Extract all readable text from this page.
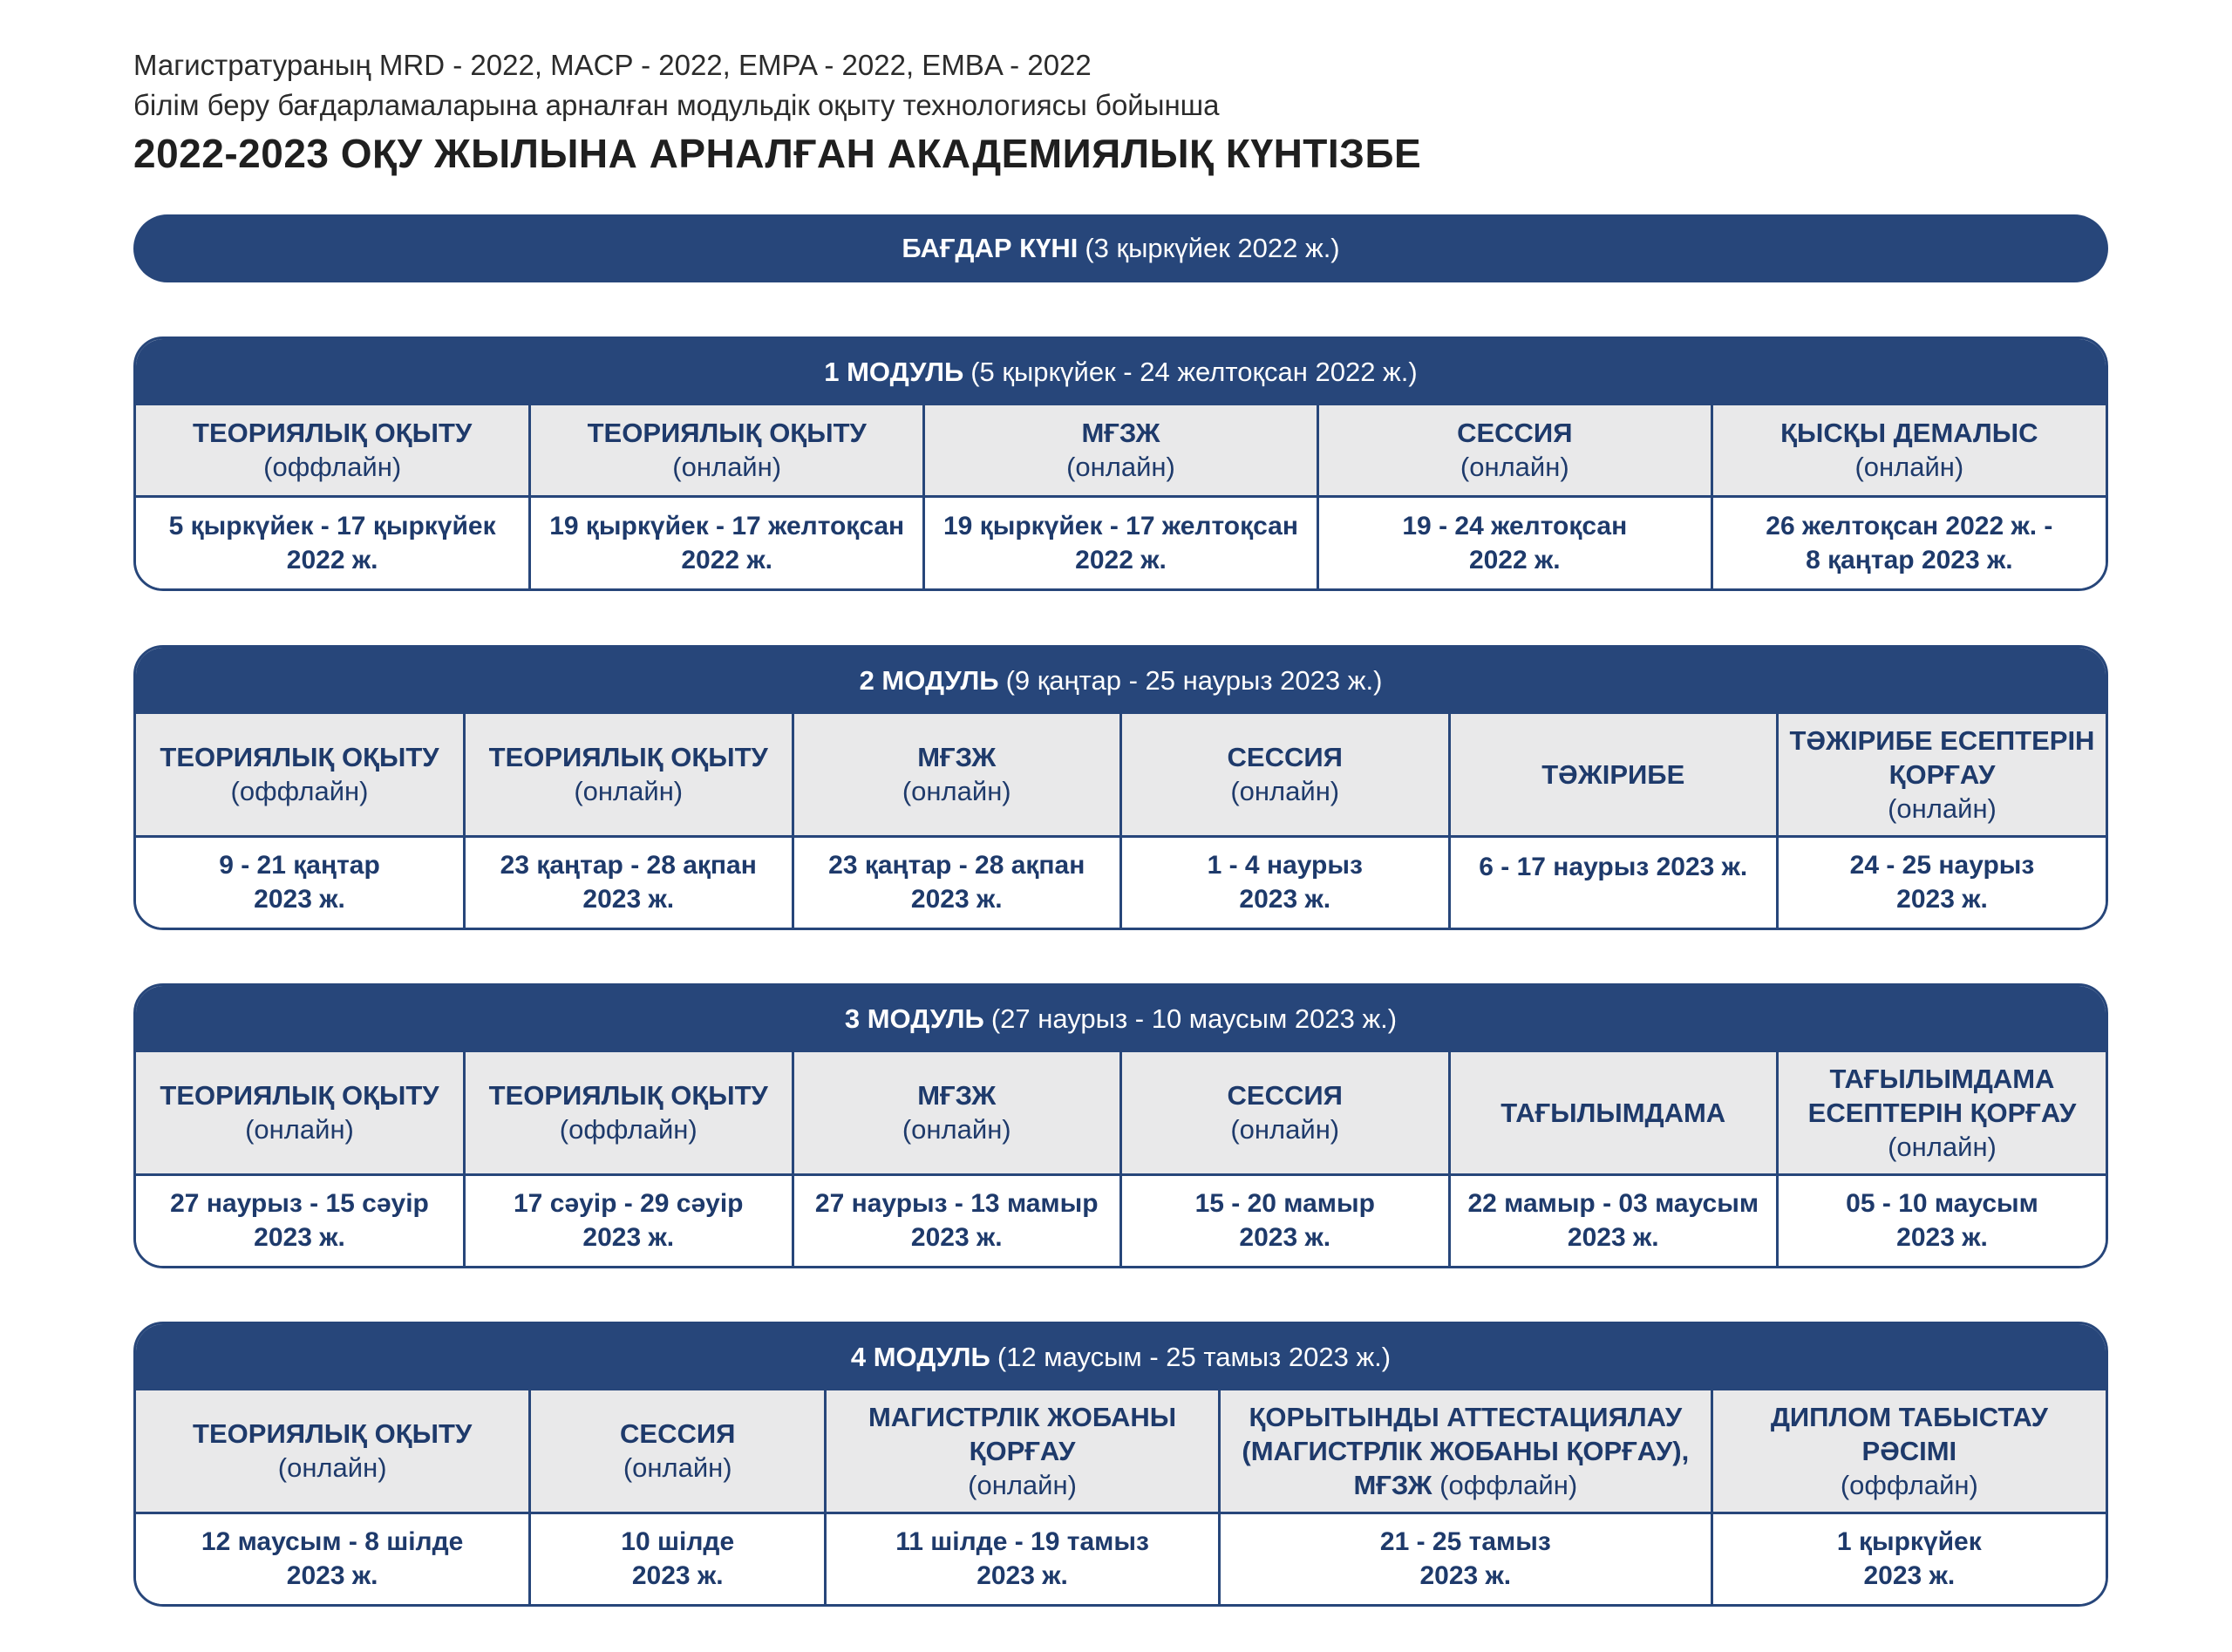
Магистратураның MRD - 2022, MACP - 2022, EMPA - 2022, EMBA - 2022

білім беру бағдарламаларына арналған модульдік оқыту технологиясы бойынша

2022-2023 ОҚУ ЖЫЛЫНА АРНАЛҒАН АКАДЕМИЯЛЫҚ КҮНТІЗБЕ

БАҒДАР КҮНІ (3 қыркүйек 2022 ж.)
1 МОДУЛЬ (5 қыркүйек - 24 желтоқсан 2022 ж.)
ТЕОРИЯЛЫҚ ОҚЫТУ
(оффлайн)	ТЕОРИЯЛЫҚ ОҚЫТУ
(онлайн)	МҒЗЖ
(онлайн)	СЕССИЯ
(онлайн)	ҚЫСҚЫ ДЕМАЛЫС
(онлайн)

5 қыркүйек - 17 қыркүйек
2022 ж.	19 қыркүйек - 17 желтоқсан
2022 ж.	19 қыркүйек - 17 желтоқсан
2022 ж.	19 - 24 желтоқсан
2022 ж.	26 желтоқсан 2022 ж. -
8 қаңтар 2023 ж.
2 МОДУЛЬ (9 қаңтар - 25 наурыз 2023 ж.)
ТЕОРИЯЛЫҚ ОҚЫТУ
(оффлайн)	ТЕОРИЯЛЫҚ ОҚЫТУ
(онлайн)	МҒЗЖ
(онлайн)	СЕССИЯ
(онлайн)	ТӘЖІРИБЕ	ТӘЖІРИБЕ ЕСЕПТЕРІН ҚОРҒАУ
(онлайн)

9 - 21 қаңтар
2023 ж.	23 қаңтар - 28 ақпан
2023 ж.	23 қаңтар - 28 ақпан
2023 ж.	1 - 4 наурыз
2023 ж.	6 - 17 наурыз 2023 ж.	24 - 25 наурыз
2023 ж.
3 МОДУЛЬ (27 наурыз - 10 маусым 2023 ж.)
ТЕОРИЯЛЫҚ ОҚЫТУ
(онлайн)	ТЕОРИЯЛЫҚ ОҚЫТУ
(оффлайн)	МҒЗЖ
(онлайн)	СЕССИЯ
(онлайн)	ТАҒЫЛЫМДАМА	ТАҒЫЛЫМДАМА ЕСЕПТЕРІН ҚОРҒАУ
(онлайн)

27 наурыз - 15 сәуір
2023 ж.	17 сәуір - 29 сәуір
2023 ж.	27 наурыз - 13 мамыр
2023 ж.	15 - 20 мамыр
2023 ж.	22 мамыр - 03 маусым
2023 ж.	05 - 10 маусым
2023 ж.
4 МОДУЛЬ (12 маусым - 25 тамыз 2023 ж.)
ТЕОРИЯЛЫҚ ОҚЫТУ
(онлайн)	СЕССИЯ
(онлайн)	МАГИСТРЛІК ЖОБАНЫ ҚОРҒАУ
(онлайн)	ҚОРЫТЫНДЫ АТТЕСТАЦИЯЛАУ (МАГИСТРЛІК ЖОБАНЫ ҚОРҒАУ),
МҒЗЖ (оффлайн)	ДИПЛОМ ТАБЫСТАУ РӘСІМІ
(оффлайн)

12 маусым - 8 шілде
2023 ж.	10 шілде
2023 ж.	11 шілде - 19 тамыз
2023 ж.	21 - 25 тамыз
2023 ж.	1 қыркүйек
2023 ж.
